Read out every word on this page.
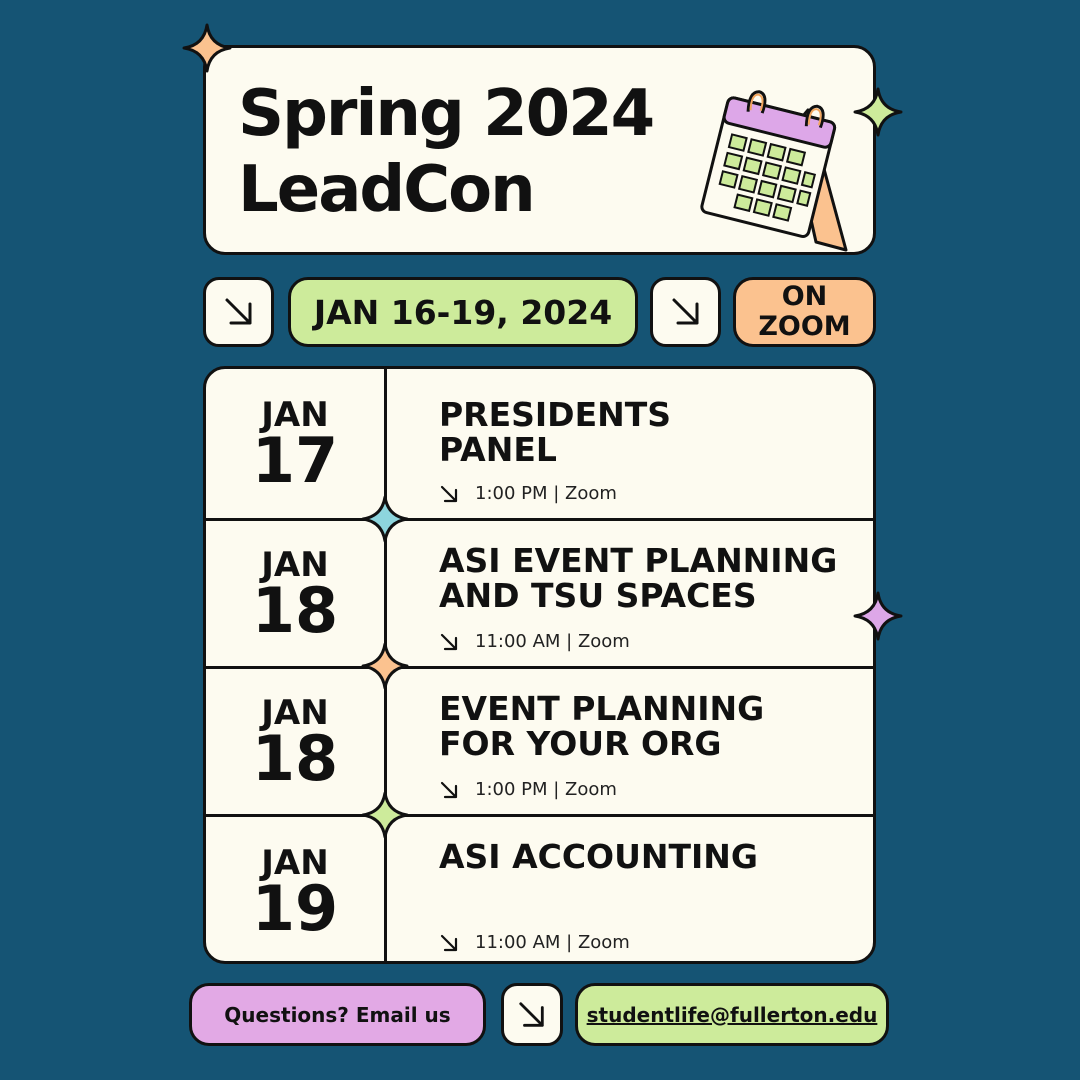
Spring 2024
LeadCon
JAN 16-19, 2024	ON
ZOOM
JAN
17
PRESIDENTS
PANEL
1:00 PM | Zoom
JAN
18
ASI EVENT PLANNING
AND TSU SPACES
11:00 AM | Zoom
JAN
18
EVENT PLANNING
FOR YOUR ORG
1:00 PM | Zoom
JAN
19
ASI ACCOUNTING
11:00 AM | Zoom
Questions? Email us	studentlife@fullerton.edu
